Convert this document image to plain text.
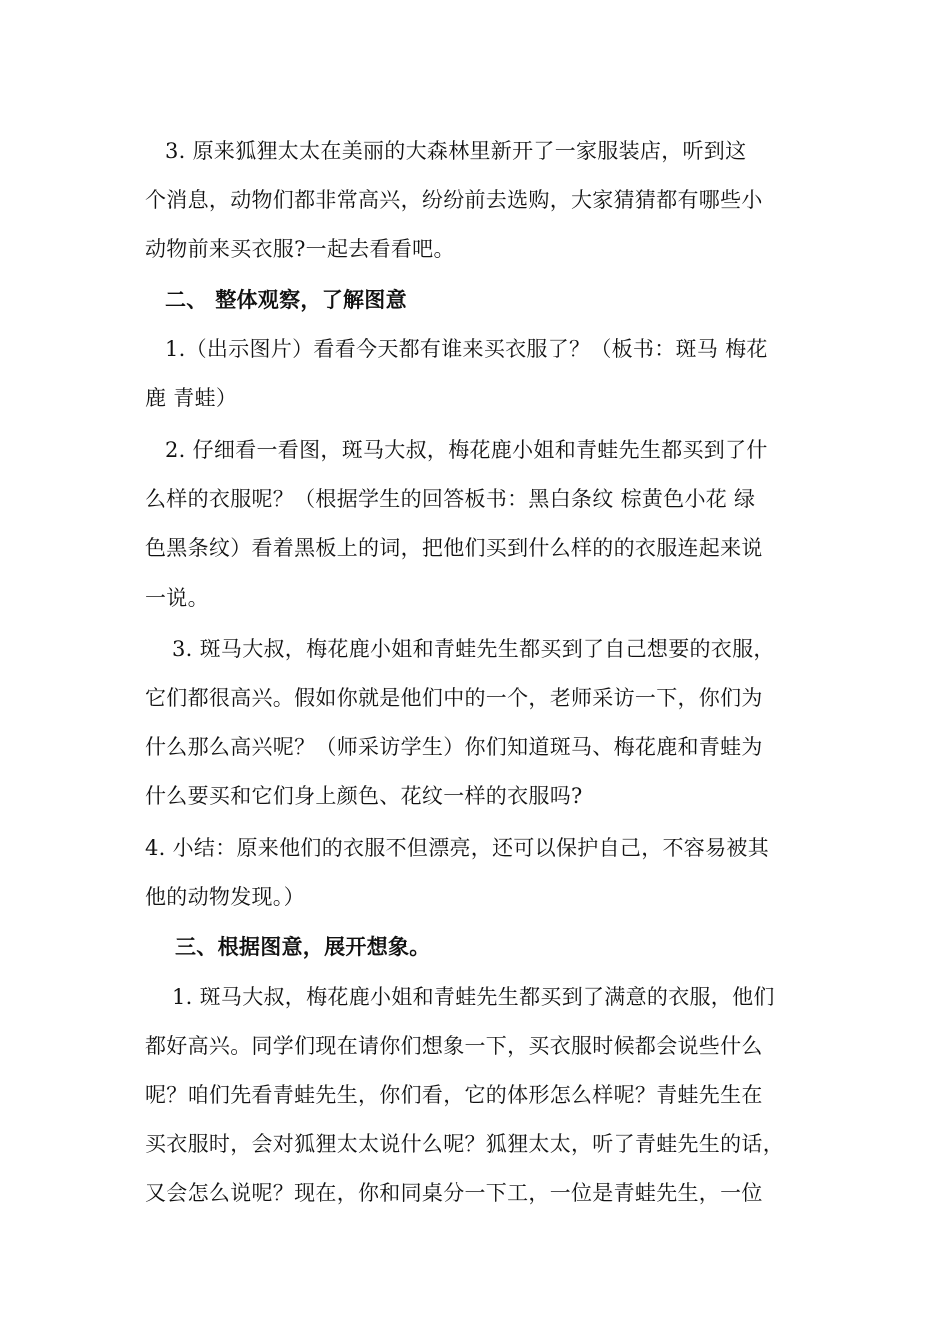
3. 原来狐狸太太在美丽的大森林里新开了一家服装店，听到这
个消息，动物们都非常高兴，纷纷前去选购，大家猜猜都有哪些小
动物前来买衣服?一起去看看吧。
二、 整体观察，了解图意
1.（出示图片）看看今天都有谁来买衣服了？（板书：斑马 梅花
鹿 青蛙）
2. 仔细看一看图，斑马大叔，梅花鹿小姐和青蛙先生都买到了什
么样的衣服呢？（根据学生的回答板书：黑白条纹 棕黄色小花 绿
色黑条纹）看着黑板上的词，把他们买到什么样的的衣服连起来说
一说。
3. 斑马大叔，梅花鹿小姐和青蛙先生都买到了自己想要的衣服，
它们都很高兴。假如你就是他们中的一个，老师采访一下，你们为
什么那么高兴呢？（师采访学生）你们知道斑马、梅花鹿和青蛙为
什么要买和它们身上颜色、花纹一样的衣服吗?
4. 小结：原来他们的衣服不但漂亮，还可以保护自己，不容易被其
他的动物发现。）
三、根据图意，展开想象。
1. 斑马大叔，梅花鹿小姐和青蛙先生都买到了满意的衣服，他们
都好高兴。同学们现在请你们想象一下，买衣服时候都会说些什么
呢？咱们先看青蛙先生，你们看，它的体形怎么样呢？青蛙先生在
买衣服时，会对狐狸太太说什么呢？狐狸太太，听了青蛙先生的话，
又会怎么说呢？现在，你和同桌分一下工，一位是青蛙先生，一位
